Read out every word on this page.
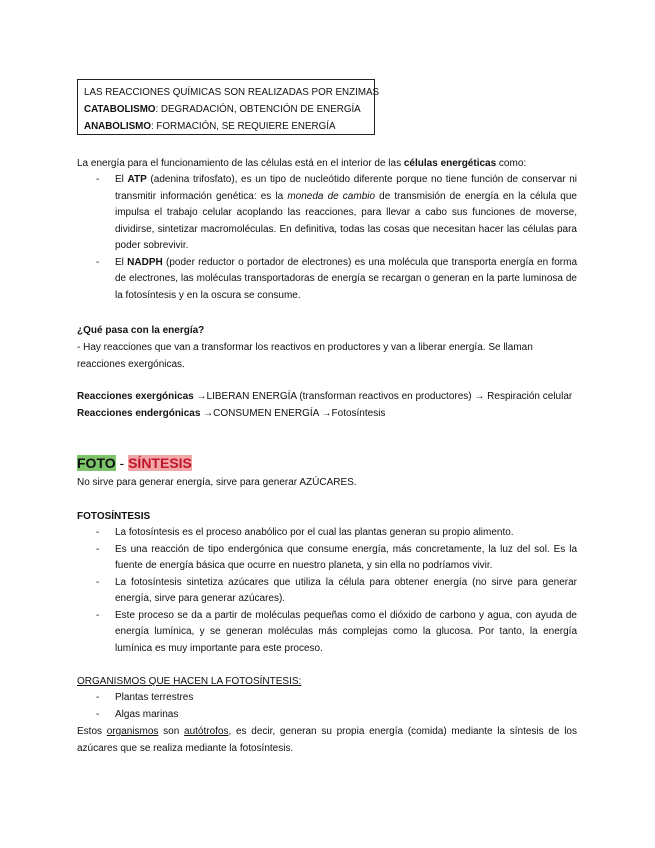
LAS REACCIONES QUÍMICAS SON REALIZADAS POR ENZIMAS
CATABOLISMO: DEGRADACIÓN, OBTENCIÓN DE ENERGÍA
ANABOLISMO: FORMACIÓN, SE REQUIERE ENERGÍA
La energía para el funcionamiento de las células está en el interior de las células energéticas como:
- El ATP (adenina trifosfato), es un tipo de nucleótido diferente porque no tiene función de conservar ni transmitir información genética: es la moneda de cambio de transmisión de energía en la célula que impulsa el trabajo celular acoplando las reacciones, para llevar a cabo sus funciones de moverse, dividirse, sintetizar macromoléculas. En definitiva, todas las cosas que necesitan hacer las células para poder sobrevivir.
- El NADPH (poder reductor o portador de electrones) es una molécula que transporta energía en forma de electrones, las moléculas transportadoras de energía se recargan o generan en la parte luminosa de la fotosíntesis y en la oscura se consume.
¿Qué pasa con la energía?
- Hay reacciones que van a transformar los reactivos en productores y van a liberar energía. Se llaman reacciones exergónicas.
Reacciones exergónicas →LIBERAN ENERGÍA (transforman reactivos en productores) → Respiración celular
Reacciones endergónicas →CONSUMEN ENERGÍA →Fotosíntesis
FOTO - SÍNTESIS
No sirve para generar energía, sirve para generar AZÚCARES.
FOTOSÍNTESIS
- La fotosíntesis es el proceso anabólico por el cual las plantas generan su propio alimento.
- Es una reacción de tipo endergónica que consume energía, más concretamente, la luz del sol. Es la fuente de energía básica que ocurre en nuestro planeta, y sin ella no podríamos vivir.
- La fotosíntesis sintetiza azúcares que utiliza la célula para obtener energía (no sirve para generar energía, sirve para generar azúcares).
- Este proceso se da a partir de moléculas pequeñas como el dióxido de carbono y agua, con ayuda de energía lumínica, y se generan moléculas más complejas como la glucosa. Por tanto, la energía lumínica es muy importante para este proceso.
ORGANISMOS QUE HACEN LA FOTOSÍNTESIS:
- Plantas terrestres
- Algas marinas
Estos organismos son autótrofos, es decir, generan su propia energía (comida) mediante la síntesis de los azúcares que se realiza mediante la fotosíntesis.
